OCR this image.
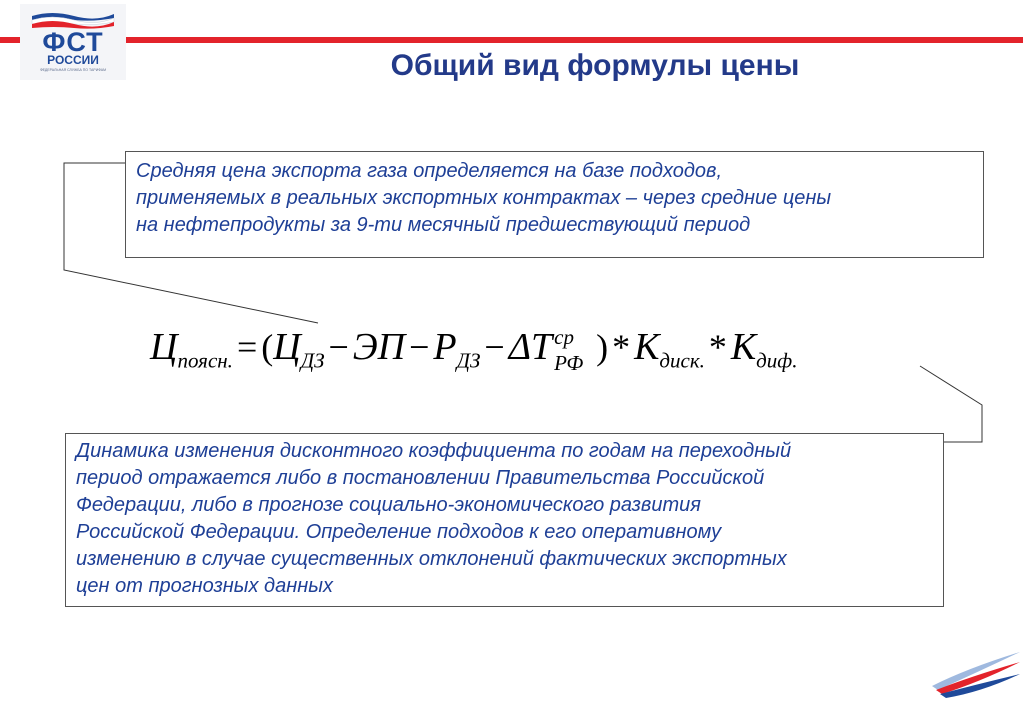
ФСТ
РОССИИ
ФЕДЕРАЛЬНАЯ СЛУЖБА ПО ТАРИФАМ	Общий вид формулы цены
Средняя цена экспорта газа определяется на базе подходов,
применяемых в реальных экспортных контрактах – через средние цены
на нефтепродукты за 9-ти месячный предшествующий период
$Ц_{поясн.} = (Ц_{ДЗ}$ − ЭП − $Р_{ДЗ} - \Delta Т$ ср
РФ ) * $К_{диск.} * К_{диф.}$
Динамика изменения дисконтного коэффициента по годам на переходный
период отражается либо в постановлении Правительства Российской
Федерации, либо в прогнозе социально-экономического развития
Российской Федерации. Определение подходов к его оперативному
изменению в случае существенных отклонений фактических экспортных
цен от прогнозных данных
